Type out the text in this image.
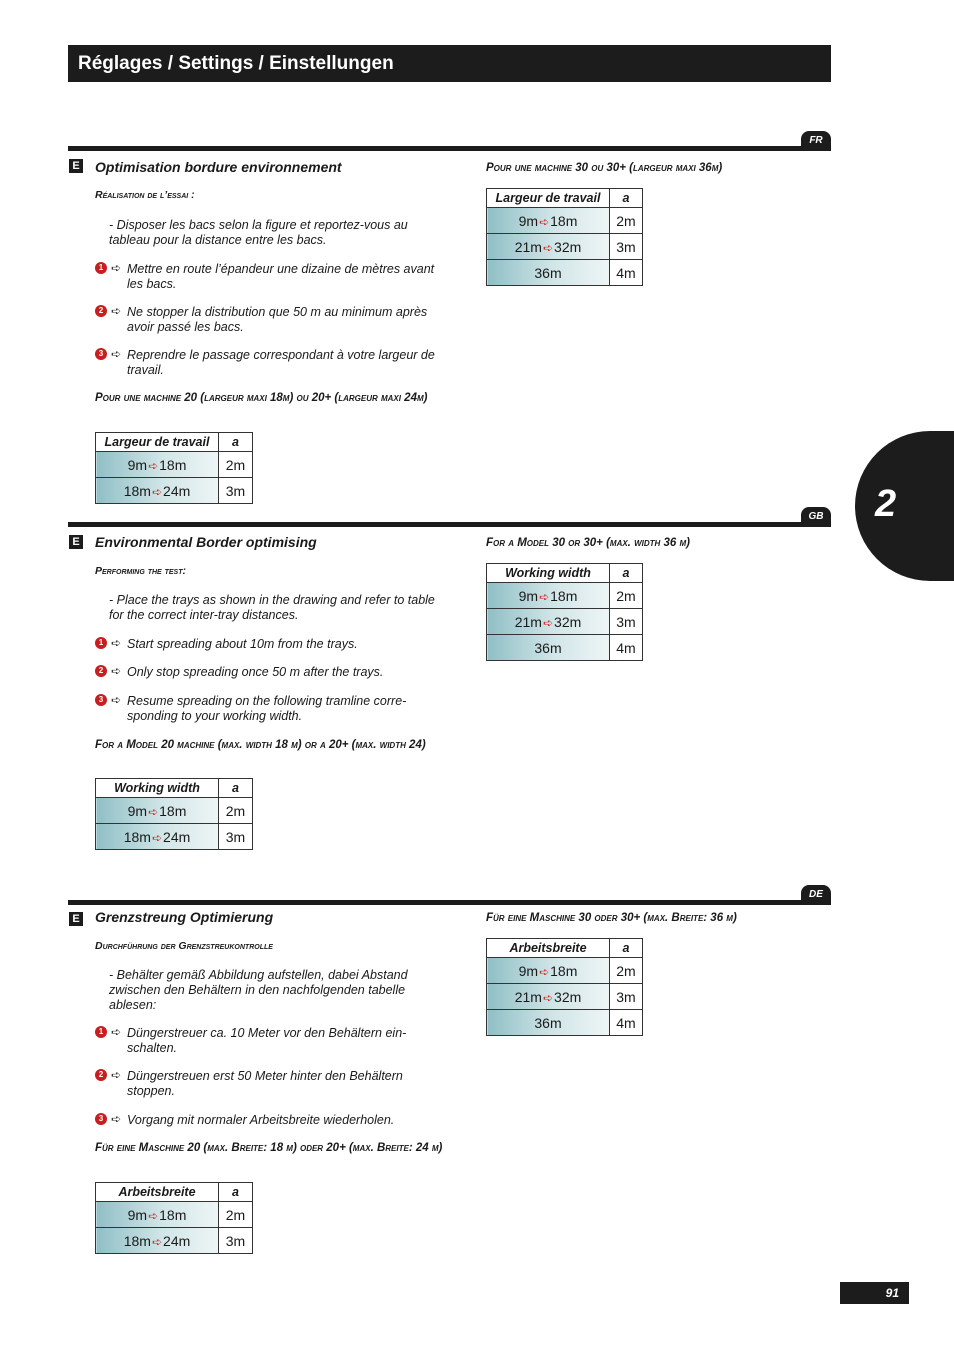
Réglages / Settings / Einstellungen
2
FR
E Optimisation bordure environnement
Réalisation de l’essai :
- Disposer les bacs selon la figure et reportez-vous au tableau pour la distance entre les bacs.
1 ➪ Mettre en route l’épandeur une dizaine de mètres avant les bacs.
2 ➪ Ne stopper la distribution que 50 m au minimum après avoir passé les bacs.
3 ➪ Reprendre le passage correspondant à votre largeur de travail.
Pour une machine 20 (largeur maxi 18m) ou 20+ (largeur maxi 24m)
Largeur de travail	a
9m➪18m	2m
18m➪24m	3m
Pour une machine 30 ou 30+ (largeur maxi 36m)
Largeur de travail	a
9m➪18m	2m
21m➪32m	3m
36m	4m
GB
E Environmental Border optimising
Performing the test:
- Place the trays as shown in the drawing and refer to table for the correct inter-tray distances.
1 ➪ Start spreading about 10m from the trays.
2 ➪ Only stop spreading once 50 m after the trays.
3 ➪ Resume spreading on the following tramline corre-sponding to your working width.
For a Model 20 machine (max. width 18 m) or a 20+ (max. width 24)
Working width	a
9m➪18m	2m
18m➪24m	3m
For a Model 30 or 30+ (max. width 36 m)
Working width	a
9m➪18m	2m
21m➪32m	3m
36m	4m
DE
E Grenzstreung Optimierung
Durchführung der Grenzstreukontrolle
- Behälter gemäß Abbildung aufstellen, dabei Abstand zwischen den Behältern in den nachfolgenden tabelle ablesen:
1 ➪ Düngerstreuer ca. 10 Meter vor den Behältern ein-schalten.
2 ➪ Düngerstreuen erst 50 Meter hinter den Behältern stoppen.
3 ➪ Vorgang mit normaler Arbeitsbreite wiederholen.
Für eine Maschine 20 (max. Breite: 18 m) oder 20+ (max. Breite: 24 m)
Arbeitsbreite	a
9m➪18m	2m
18m➪24m	3m
Für eine Maschine 30 oder 30+ (max. Breite: 36 m)
Arbeitsbreite	a
9m➪18m	2m
21m➪32m	3m
36m	4m
91
